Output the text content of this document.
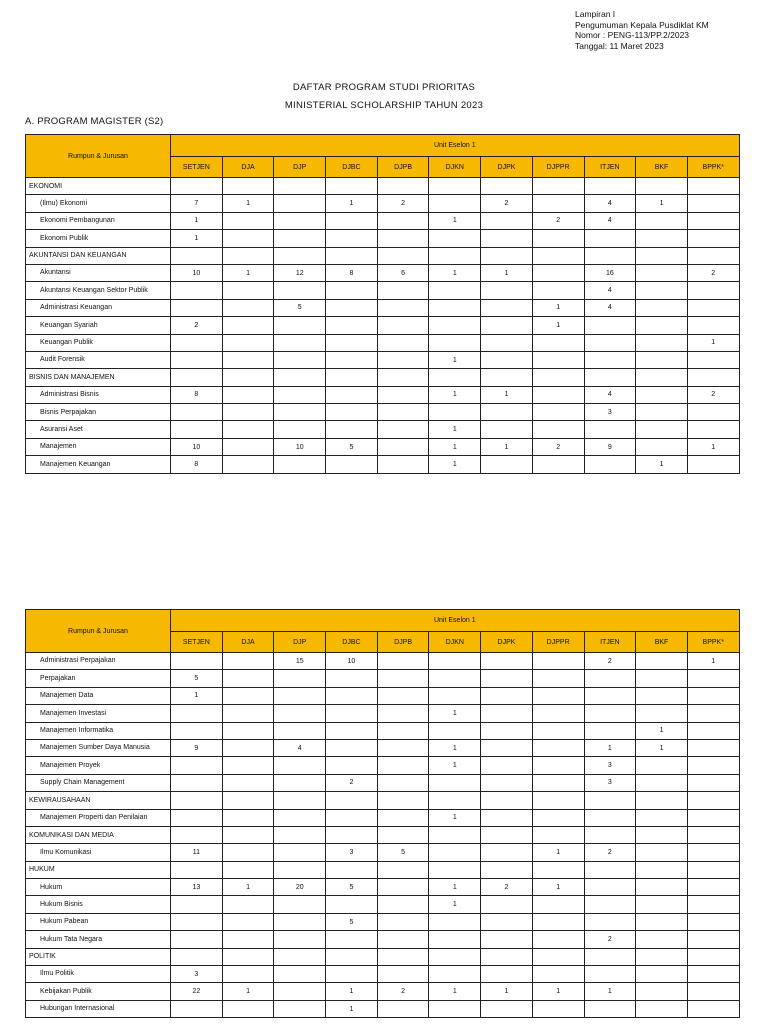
Lampiran I
Pengumuman Kepala Pusdiklat KM
Nomor : PENG-113/PP.2/2023
Tanggal: 11 Maret 2023
DAFTAR PROGRAM STUDI PRIORITAS
MINISTERIAL SCHOLARSHIP TAHUN 2023
A. PROGRAM MAGISTER (S2)
Rumpun & Jurusan	Unit Eselon 1										
	SETJEN	DJA	DJP	DJBC	DJPB	DJKN	DJPK	DJPPR	ITJEN	BKF	BPPK*
EKONOMI											
(Ilmu) Ekonomi	7	1		1	2		2		4	1	
Ekonomi Pembangunan	1					1		2	4		
Ekonomi Publik	1										
AKUNTANSI DAN KEUANGAN											
Akuntansi	10	1	12	8	6	1	1		16		2
Akuntansi Keuangan Sektor Publik									4		
Administrasi Keuangan			5					1	4		
Keuangan Syariah	2							1			
Keuangan Publik											1
Audit Forensik						1					
BISNIS DAN MANAJEMEN											
Administrasi Bisnis	8					1	1		4		2
Bisnis Perpajakan									3		
Asuransi Aset						1					
Manajemen	10		10	5		1	1	2	9		1
Manajemen Keuangan	8					1				1	
Rumpun & Jurusan	Unit Eselon 1										
	SETJEN	DJA	DJP	DJBC	DJPB	DJKN	DJPK	DJPPR	ITJEN	BKF	BPPK*
Administrasi Perpajakan			15	10					2		1
Perpajakan	5										
Manajemen Data	1										
Manajemen Investasi						1					
Manajemen Informatika										1	
Manajemen Sumber Daya Manusia	9		4			1			1	1	
Manajemen Proyek						1			3		
Supply Chain Management				2					3		
KEWIRAUSAHAAN											
Manajemen Properti dan Penilaian						1					
KOMUNIKASI DAN MEDIA											
Ilmu Komunikasi	11			3	5			1	2		
HUKUM											
Hukum	13	1	20	5		1	2	1			
Hukum Bisnis						1					
Hukum Pabean				5							
Hukum Tata Negara									2		
POLITIK											
Ilmu Politik	3										
Kebijakan Publik	22	1		1	2	1	1	1	1		
Hubungan Internasional				1							
